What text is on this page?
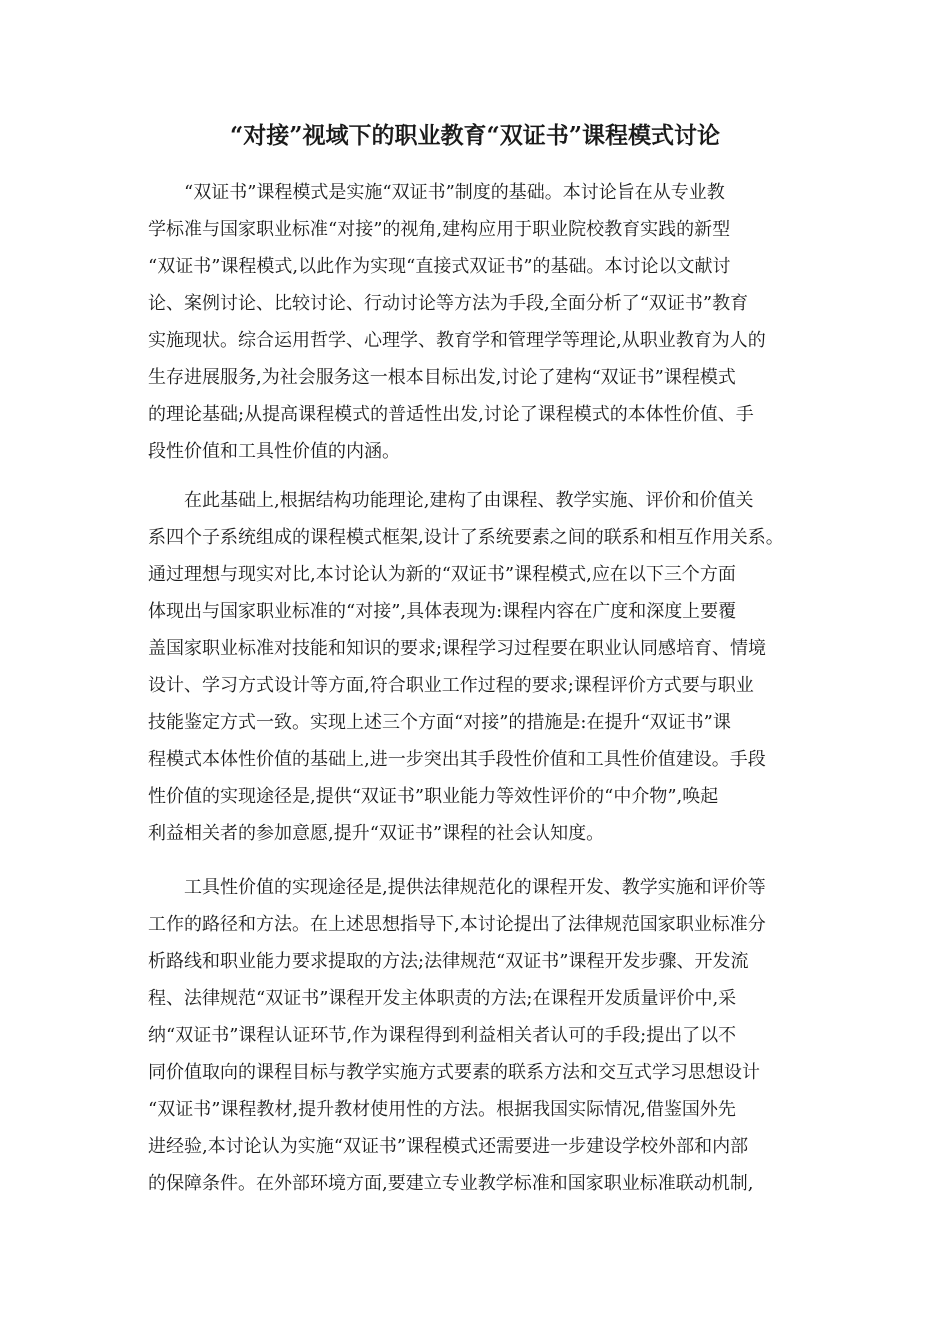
“对接”视域下的职业教育“双证书”课程模式讨论
“双证书”课程模式是实施“双证书”制度的基础。本讨论旨在从专业教
学标准与国家职业标准“对接”的视角,建构应用于职业院校教育实践的新型
“双证书”课程模式,以此作为实现“直接式双证书”的基础。本讨论以文献讨
论、案例讨论、比较讨论、行动讨论等方法为手段,全面分析了“双证书”教育
实施现状。综合运用哲学、心理学、教育学和管理学等理论,从职业教育为人的
生存进展服务,为社会服务这一根本目标出发,讨论了建构“双证书”课程模式
的理论基础;从提高课程模式的普适性出发,讨论了课程模式的本体性价值、手
段性价值和工具性价值的内涵。
在此基础上,根据结构功能理论,建构了由课程、教学实施、评价和价值关
系四个子系统组成的课程模式框架,设计了系统要素之间的联系和相互作用关系。
通过理想与现实对比,本讨论认为新的“双证书”课程模式,应在以下三个方面
体现出与国家职业标准的“对接”,具体表现为:课程内容在广度和深度上要覆
盖国家职业标准对技能和知识的要求;课程学习过程要在职业认同感培育、情境
设计、学习方式设计等方面,符合职业工作过程的要求;课程评价方式要与职业
技能鉴定方式一致。实现上述三个方面“对接”的措施是:在提升“双证书”课
程模式本体性价值的基础上,进一步突出其手段性价值和工具性价值建设。手段
性价值的实现途径是,提供“双证书”职业能力等效性评价的“中介物”,唤起
利益相关者的参加意愿,提升“双证书”课程的社会认知度。
工具性价值的实现途径是,提供法律规范化的课程开发、教学实施和评价等
工作的路径和方法。在上述思想指导下,本讨论提出了法律规范国家职业标准分
析路线和职业能力要求提取的方法;法律规范“双证书”课程开发步骤、开发流
程、法律规范“双证书”课程开发主体职责的方法;在课程开发质量评价中,采
纳“双证书”课程认证环节,作为课程得到利益相关者认可的手段;提出了以不
同价值取向的课程目标与教学实施方式要素的联系方法和交互式学习思想设计
“双证书”课程教材,提升教材使用性的方法。根据我国实际情况,借鉴国外先
进经验,本讨论认为实施“双证书”课程模式还需要进一步建设学校外部和内部
的保障条件。在外部环境方面,要建立专业教学标准和国家职业标准联动机制,
